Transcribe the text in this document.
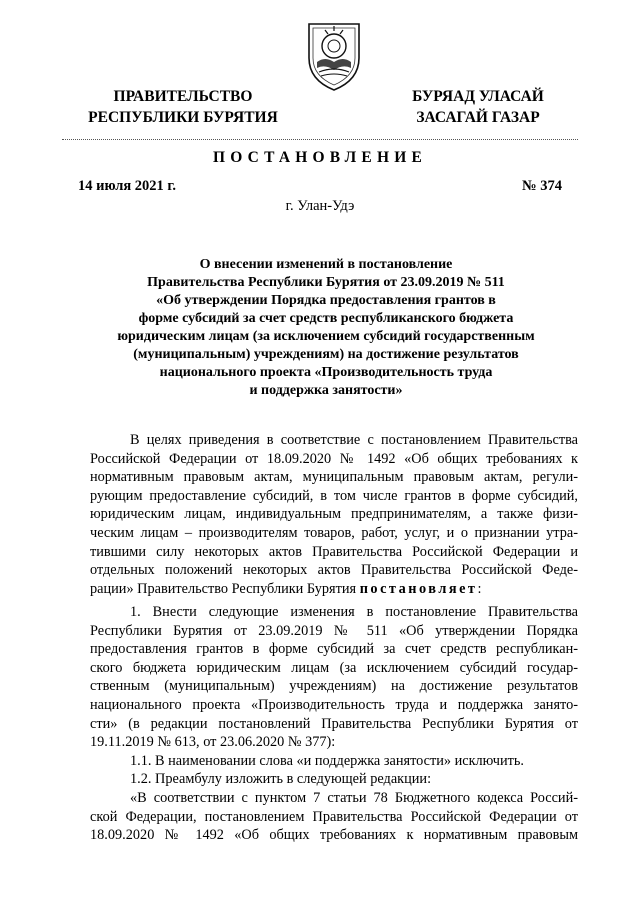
ПРАВИТЕЛЬСТВО
РЕСПУБЛИКИ БУРЯТИЯ
БУРЯАД УЛАСАЙ
ЗАСАГАЙ ГАЗАР
ПОСТАНОВЛЕНИЕ
14 июля 2021 г.	№ 374
г. Улан-Удэ
О внесении изменений в постановление
Правительства Республики Бурятия от 23.09.2019 № 511
«Об утверждении Порядка предоставления грантов в
форме субсидий за счет средств республиканского бюджета
юридическим лицам (за исключением субсидий государственным
(муниципальным) учреждениям) на достижение результатов
национального проекта «Производительность труда
и поддержка занятости»
В целях приведения в соответствие с постановлением Правительства
Российской Федерации от 18.09.2020 № 1492 «Об общих требованиях к
нормативным правовым актам, муниципальным правовым актам, регули-
рующим предоставление субсидий, в том числе грантов в форме субсидий,
юридическим лицам, индивидуальным предпринимателям, а также физи-
ческим лицам – производителям товаров, работ, услуг, и о признании утра-
тившими силу некоторых актов Правительства Российской Федерации и
отдельных положений некоторых актов Правительства Российской Феде-
рации» Правительство Республики Бурятия постановляет:
1. Внести следующие изменения в постановление Правительства
Республики Бурятия от 23.09.2019 № 511 «Об утверждении Порядка
предоставления грантов в форме субсидий за счет средств республикан-
ского бюджета юридическим лицам (за исключением субсидий государ-
ственным (муниципальным) учреждениям) на достижение результатов
национального проекта «Производительность труда и поддержка занято-
сти» (в редакции постановлений Правительства Республики Бурятия от
19.11.2019 № 613, от 23.06.2020 № 377):
1.1. В наименовании слова «и поддержка занятости» исключить.
1.2. Преамбулу изложить в следующей редакции:
«В соответствии с пунктом 7 статьи 78 Бюджетного кодекса Россий-
ской Федерации, постановлением Правительства Российской Федерации от
18.09.2020 № 1492 «Об общих требованиях к нормативным правовым
